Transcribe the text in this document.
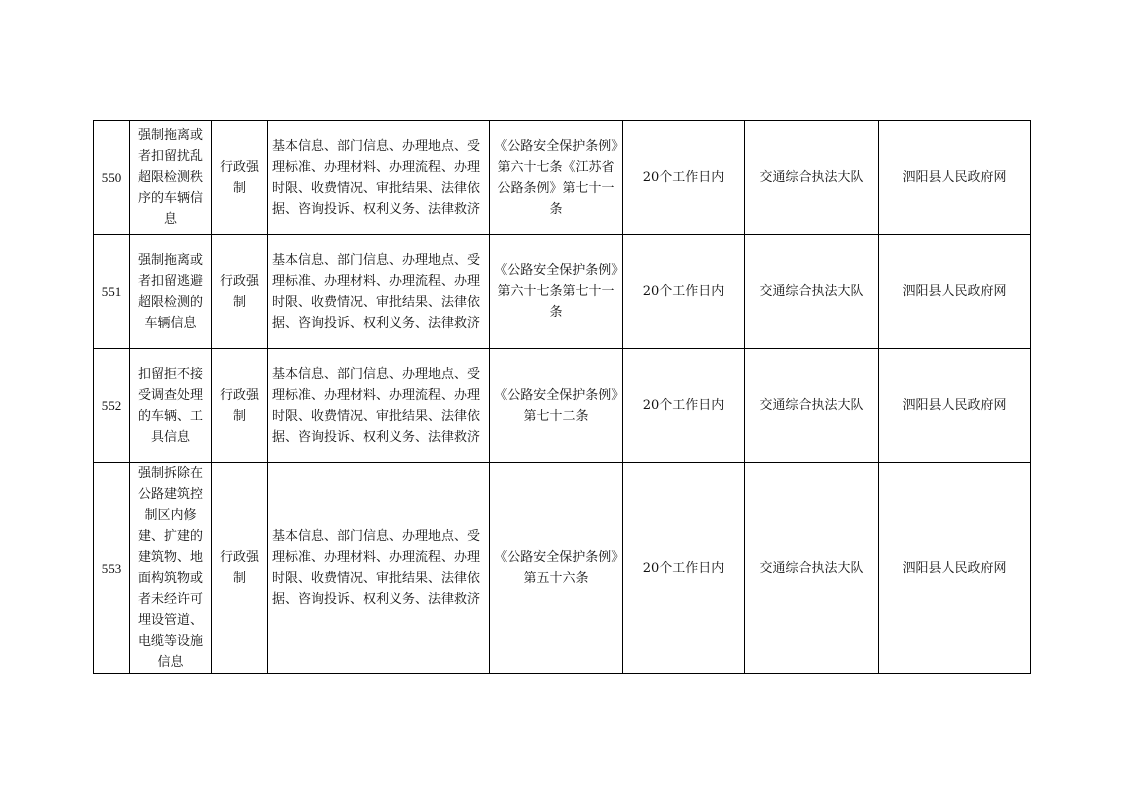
550	强制拖离或者扣留扰乱超限检测秩序的车辆信息	行政强制	基本信息、部门信息、办理地点、受理标准、办理材料、办理流程、办理时限、收费情况、审批结果、法律依据、咨询投诉、权利义务、法律救济	《公路安全保护条例》第六十七条《江苏省公路条例》第七十一条	20个工作日内	交通综合执法大队	泗阳县人民政府网
551	强制拖离或者扣留逃避超限检测的车辆信息	行政强制	基本信息、部门信息、办理地点、受理标准、办理材料、办理流程、办理时限、收费情况、审批结果、法律依据、咨询投诉、权利义务、法律救济	《公路安全保护条例》第六十七条第七十一条	20个工作日内	交通综合执法大队	泗阳县人民政府网
552	扣留拒不接受调查处理的车辆、工具信息	行政强制	基本信息、部门信息、办理地点、受理标准、办理材料、办理流程、办理时限、收费情况、审批结果、法律依据、咨询投诉、权利义务、法律救济	《公路安全保护条例》第七十二条	20个工作日内	交通综合执法大队	泗阳县人民政府网
553	强制拆除在公路建筑控制区内修建、扩建的建筑物、地面构筑物或者未经许可埋设管道、电缆等设施信息	行政强制	基本信息、部门信息、办理地点、受理标准、办理材料、办理流程、办理时限、收费情况、审批结果、法律依据、咨询投诉、权利义务、法律救济	《公路安全保护条例》第五十六条	20个工作日内	交通综合执法大队	泗阳县人民政府网
